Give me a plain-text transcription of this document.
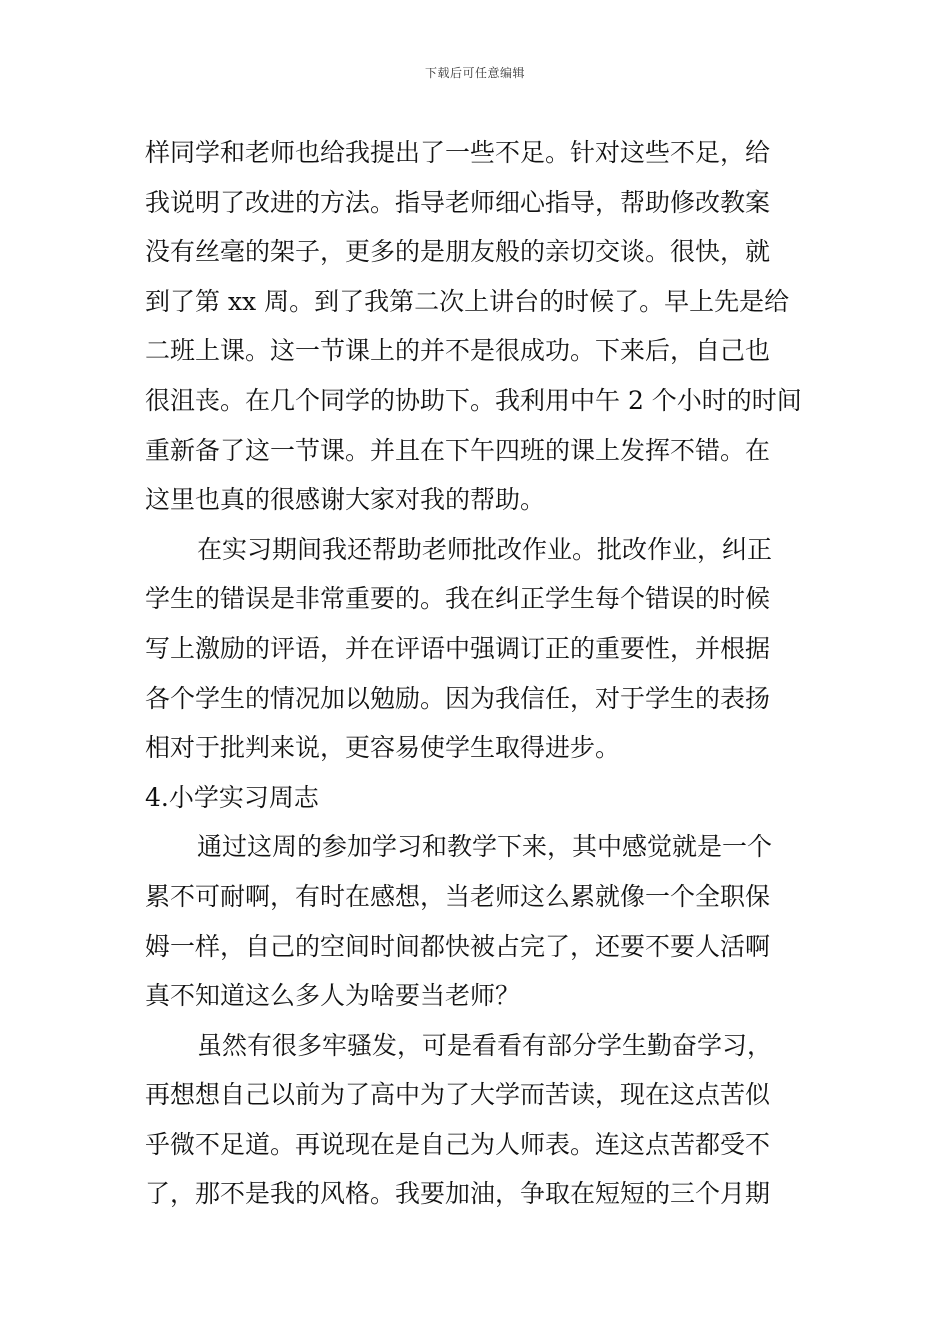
下载后可任意编辑
样同学和老师也给我提出了一些不足。针对这些不足，给
我说明了改进的方法。指导老师细心指导，帮助修改教案
没有丝毫的架子，更多的是朋友般的亲切交谈。很快，就
到了第 xx 周。到了我第二次上讲台的时候了。早上先是给
二班上课。这一节课上的并不是很成功。下来后，自己也
很沮丧。在几个同学的协助下。我利用中午 2 个小时的时间
重新备了这一节课。并且在下午四班的课上发挥不错。在
这里也真的很感谢大家对我的帮助。
在实习期间我还帮助老师批改作业。批改作业，纠正
学生的错误是非常重要的。我在纠正学生每个错误的时候
写上激励的评语，并在评语中强调订正的重要性，并根据
各个学生的情况加以勉励。因为我信任，对于学生的表扬
相对于批判来说，更容易使学生取得进步。
4.小学实习周志
通过这周的参加学习和教学下来，其中感觉就是一个
累不可耐啊，有时在感想，当老师这么累就像一个全职保
姆一样，自己的空间时间都快被占完了，还要不要人活啊
真不知道这么多人为啥要当老师？
虽然有很多牢骚发，可是看看有部分学生勤奋学习，
再想想自己以前为了高中为了大学而苦读，现在这点苦似
乎微不足道。再说现在是自己为人师表。连这点苦都受不
了，那不是我的风格。我要加油，争取在短短的三个月期
